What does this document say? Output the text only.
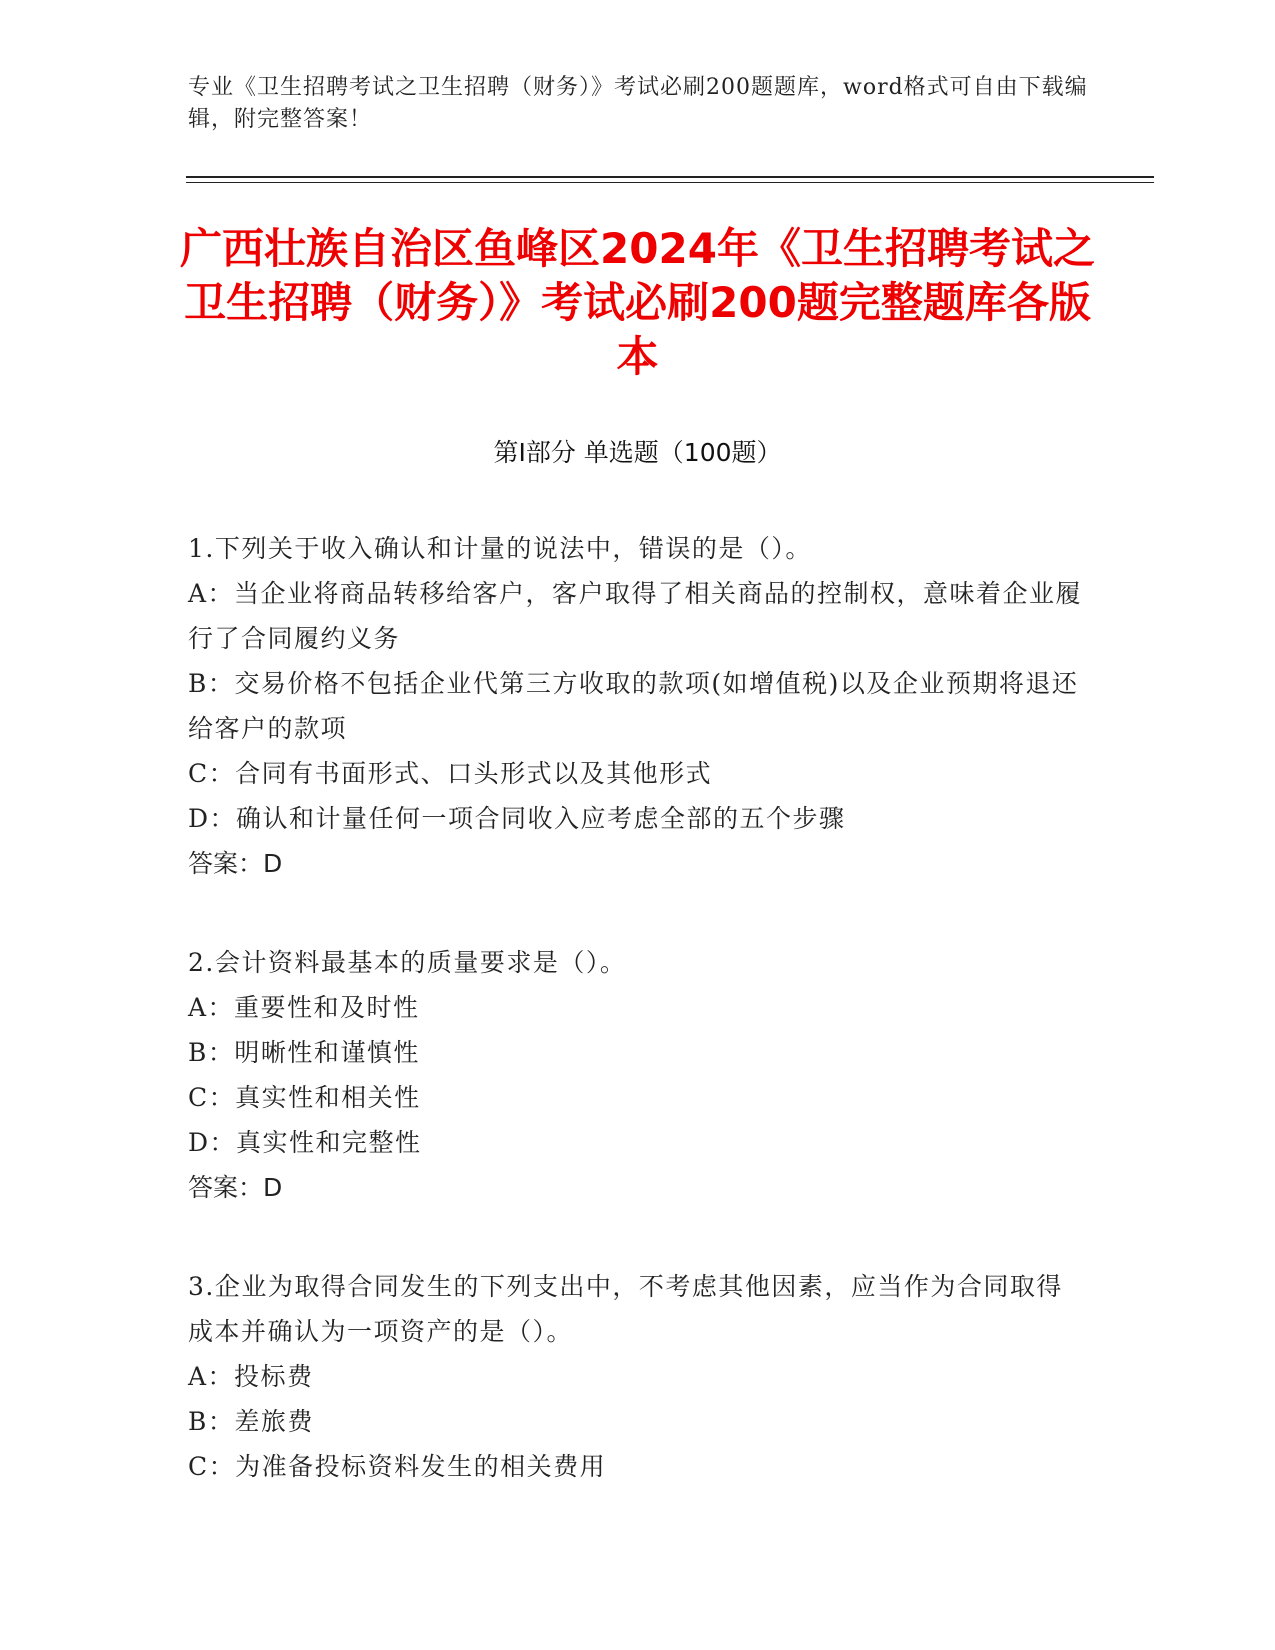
专业《卫生招聘考试之卫生招聘（财务）》考试必刷200题题库，word格式可自由下载编辑，附完整答案！
广西壮族自治区鱼峰区2024年《卫生招聘考试之卫生招聘（财务）》考试必刷200题完整题库各版本
第Ⅰ部分 单选题（100题）
1.下列关于收入确认和计量的说法中，错误的是（）。
A：当企业将商品转移给客户，客户取得了相关商品的控制权，意味着企业履行了合同履约义务
B：交易价格不包括企业代第三方收取的款项(如增值税)以及企业预期将退还给客户的款项
C：合同有书面形式、口头形式以及其他形式
D：确认和计量任何一项合同收入应考虑全部的五个步骤
答案：D
2.会计资料最基本的质量要求是（）。
A：重要性和及时性
B：明晰性和谨慎性
C：真实性和相关性
D：真实性和完整性
答案：D
3.企业为取得合同发生的下列支出中，不考虑其他因素，应当作为合同取得成本并确认为一项资产的是（）。
A：投标费
B：差旅费
C：为准备投标资料发生的相关费用
